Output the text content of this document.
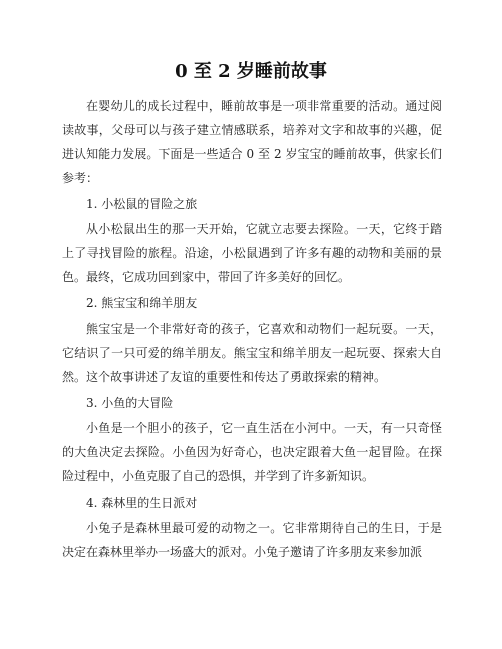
0 至 2 岁睡前故事

在婴幼儿的成长过程中，睡前故事是一项非常重要的活动。通过阅读故事，父母可以与孩子建立情感联系，培养对文字和故事的兴趣，促进认知能力发展。下面是一些适合 0 至 2 岁宝宝的睡前故事，供家长们参考：

1. 小松鼠的冒险之旅

从小松鼠出生的那一天开始，它就立志要去探险。一天，它终于踏上了寻找冒险的旅程。沿途，小松鼠遇到了许多有趣的动物和美丽的景色。最终，它成功回到家中，带回了许多美好的回忆。

2. 熊宝宝和绵羊朋友

熊宝宝是一个非常好奇的孩子，它喜欢和动物们一起玩耍。一天，它结识了一只可爱的绵羊朋友。熊宝宝和绵羊朋友一起玩耍、探索大自然。这个故事讲述了友谊的重要性和传达了勇敢探索的精神。

3. 小鱼的大冒险

小鱼是一个胆小的孩子，它一直生活在小河中。一天，有一只奇怪的大鱼决定去探险。小鱼因为好奇心，也决定跟着大鱼一起冒险。在探险过程中，小鱼克服了自己的恐惧，并学到了许多新知识。

4. 森林里的生日派对

小兔子是森林里最可爱的动物之一。它非常期待自己的生日，于是决定在森林里举办一场盛大的派对。小兔子邀请了许多朋友来参加派
